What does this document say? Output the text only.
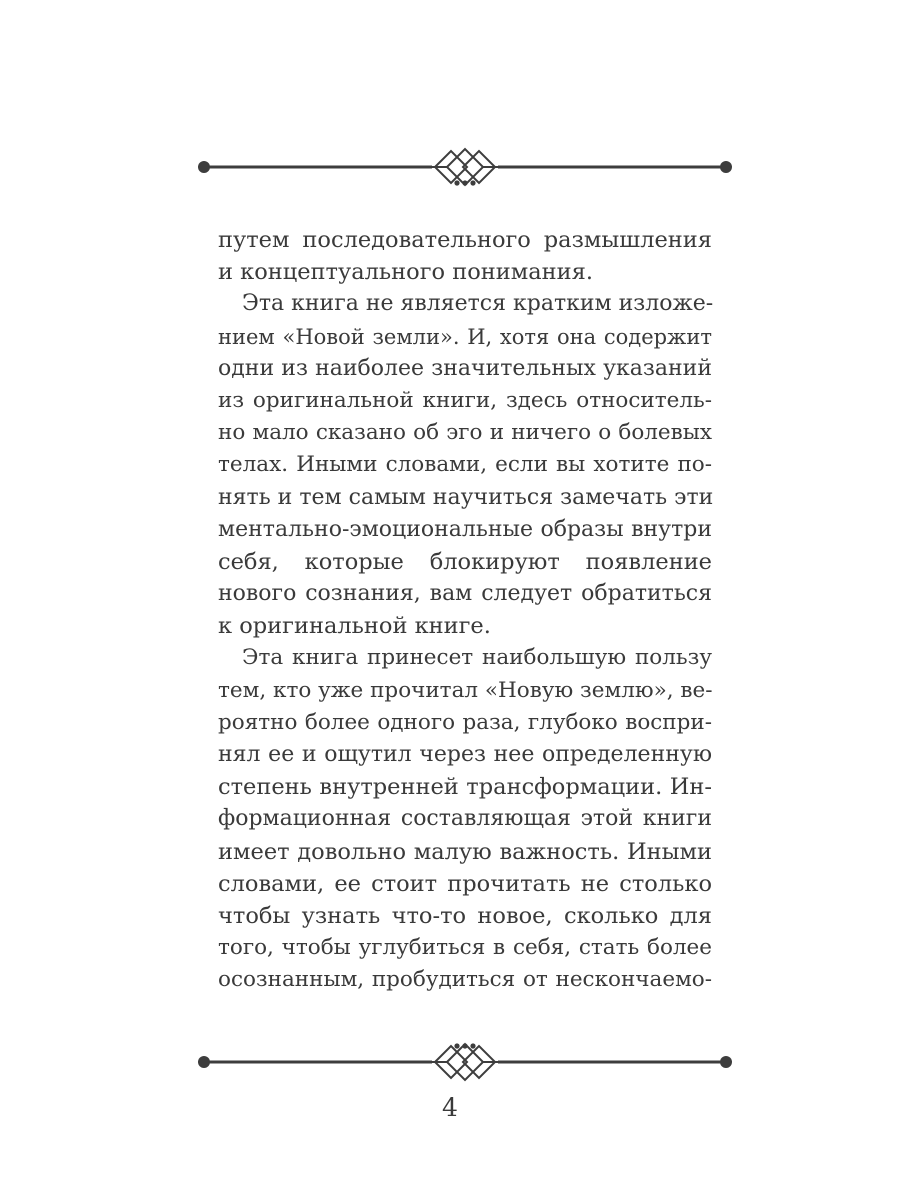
путем последовательного размышления
и концептуального понимания.
Эта книга не является кратким изложе-
нием «Новой земли». И, хотя она содержит
одни из наиболее значительных указаний
из оригинальной книги, здесь относитель-
но мало сказано об эго и ничего о болевых
телах. Иными словами, если вы хотите по-
нять и тем самым научиться замечать эти
ментально-эмоциональные образы внутри
себя, которые блокируют появление
нового сознания, вам следует обратиться
к оригинальной книге.
Эта книга принесет наибольшую пользу
тем, кто уже прочитал «Новую землю», ве-
роятно более одного раза, глубоко воспри-
нял ее и ощутил через нее определенную
степень внутренней трансформации. Ин-
формационная составляющая этой книги
имеет довольно малую важность. Иными
словами, ее стоит прочитать не столько
чтобы узнать что-то новое, сколько для
того, чтобы углубиться в себя, стать более
осознанным, пробудиться от нескончаемо-
4
